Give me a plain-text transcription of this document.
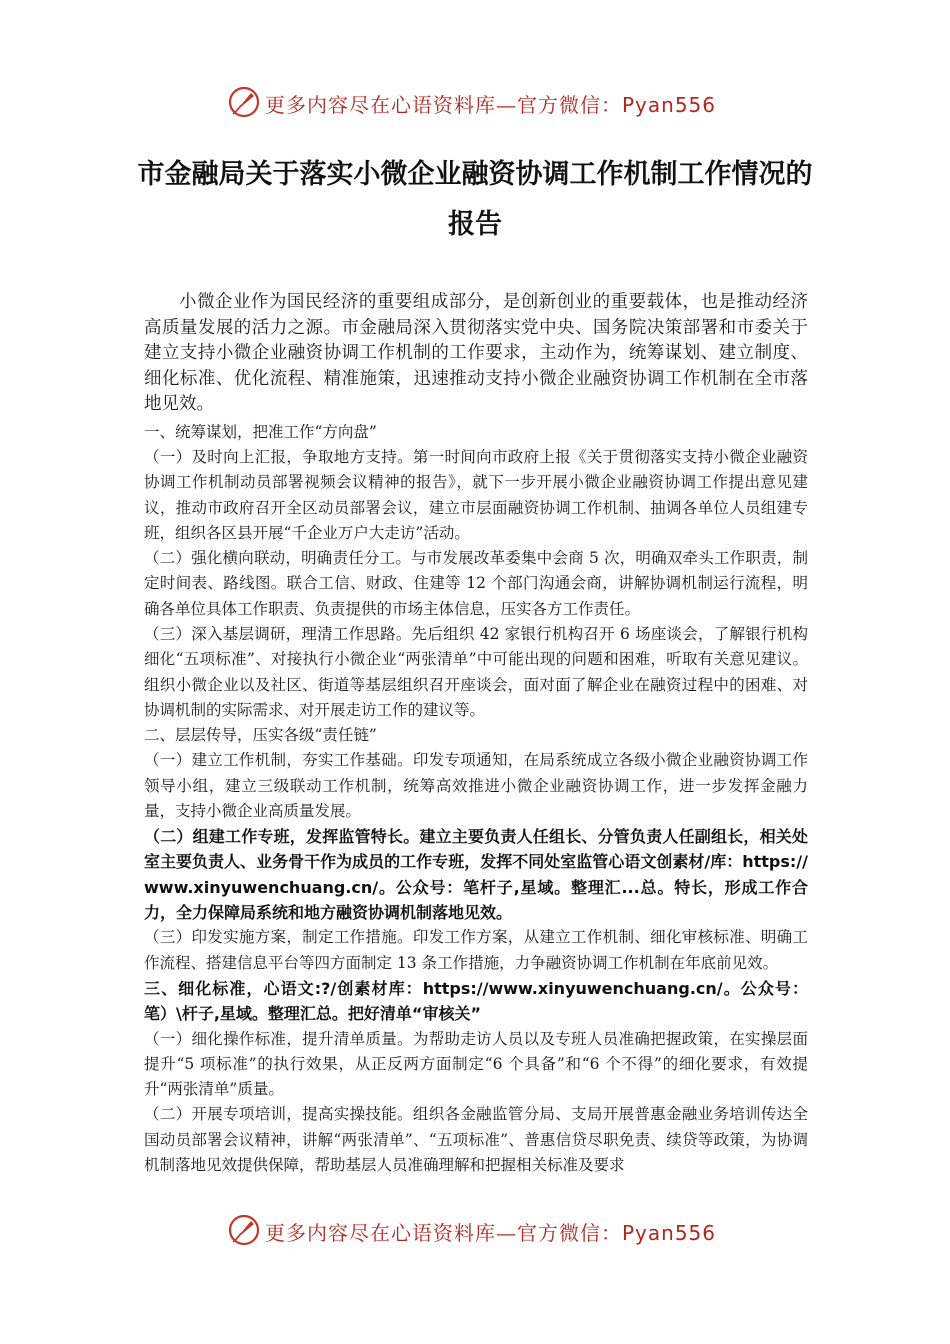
更多内容尽在心语资料库—官方微信：Pyan556
市金融局关于落实小微企业融资协调工作机制工作情况的报告

小微企业作为国民经济的重要组成部分，是创新创业的重要载体，也是推动经济高质量发展的活力之源。市金融局深入贯彻落实党中央、国务院决策部署和市委关于建立支持小微企业融资协调工作机制的工作要求，主动作为，统筹谋划、建立制度、细化标准、优化流程、精准施策，迅速推动支持小微企业融资协调工作机制在全市落地见效。

一、统筹谋划，把准工作“方向盘”

（一）及时向上汇报，争取地方支持。第一时间向市政府上报《关于贯彻落实支持小微企业融资协调工作机制动员部署视频会议精神的报告》，就下一步开展小微企业融资协调工作提出意见建议，推动市政府召开全区动员部署会议，建立市层面融资协调工作机制、抽调各单位人员组建专班，组织各区县开展“千企业万户大走访”活动。

（二）强化横向联动，明确责任分工。与市发展改革委集中会商 5 次，明确双牵头工作职责，制定时间表、路线图。联合工信、财政、住建等 12 个部门沟通会商，讲解协调机制运行流程，明确各单位具体工作职责、负责提供的市场主体信息，压实各方工作责任。

（三）深入基层调研，理清工作思路。先后组织 42 家银行机构召开 6 场座谈会，了解银行机构细化“五项标准”、对接执行小微企业“两张清单”中可能出现的问题和困难，听取有关意见建议。组织小微企业以及社区、街道等基层组织召开座谈会，面对面了解企业在融资过程中的困难、对协调机制的实际需求、对开展走访工作的建议等。

二、层层传导，压实各级“责任链”

（一）建立工作机制，夯实工作基础。印发专项通知，在局系统成立各级小微企业融资协调工作领导小组，建立三级联动工作机制，统筹高效推进小微企业融资协调工作，进一步发挥金融力量，支持小微企业高质量发展。

（二）组建工作专班，发挥监管特长。建立主要负责人任组长、分管负责人任副组长，相关处室主要负责人、业务骨干作为成员的工作专班，发挥不同处室监管心语文创素材/库：https://www.xinyuwenchuang.cn/。公众号：笔杆子,星域。整理汇...总。特长，形成工作合力，全力保障局系统和地方融资协调机制落地见效。

（三）印发实施方案，制定工作措施。印发工作方案，从建立工作机制、细化审核标准、明确工作流程、搭建信息平台等四方面制定 13 条工作措施，力争融资协调工作机制在年底前见效。

三、细化标准，心语文:?/创素材库：https://www.xinyuwenchuang.cn/。公众号：笔）\杆子,星域。整理汇总。把好清单“审核关”

（一）细化操作标准，提升清单质量。为帮助走访人员以及专班人员准确把握政策，在实操层面提升“5 项标准”的执行效果，从正反两方面制定“6 个具备”和“6 个不得”的细化要求，有效提升“两张清单”质量。

（二）开展专项培训，提高实操技能。组织各金融监管分局、支局开展普惠金融业务培训传达全国动员部署会议精神，讲解“两张清单”、“五项标准”、普惠信贷尽职免责、续贷等政策，为协调机制落地见效提供保障，帮助基层人员准确理解和把握相关标准及要求

更多内容尽在心语资料库—官方微信：Pyan556
